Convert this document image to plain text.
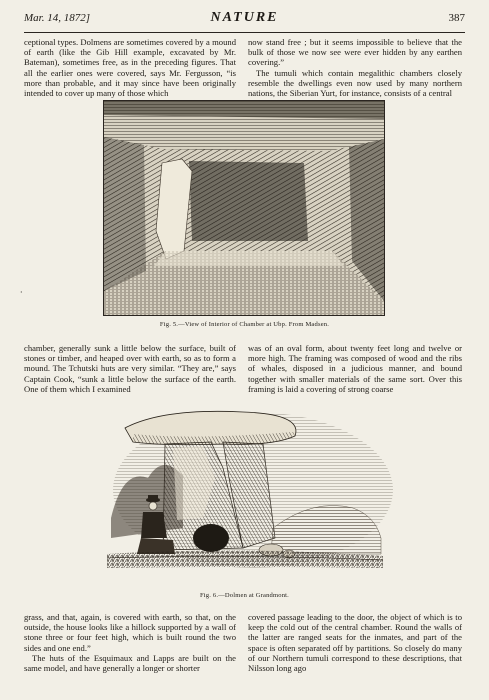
Mar. 14, 1872]	NATURE	387

ceptional types. Dolmens are sometimes covered by a mound of earth (like the Gib Hill example, excavated by Mr. Bateman), sometimes free, as in the preceding figures. That all the earlier ones were covered, says Mr. Fergusson, “is more than probable, and it may since have been originally intended to cover up many of those which

now stand free ; but it seems impossible to believe that the bulk of those we now see were ever hidden by any earthen covering.”

The tumuli which contain megalithic chambers closely resemble the dwellings even now used by many northern nations, the Siberian Yurt, for instance, consists of a central

Fig. 5.—View of Interior of Chamber at Ubp. From Madsen.
·

chamber, generally sunk a little below the surface, built of stones or timber, and heaped over with earth, so as to form a mound. The Tchutski huts are very similar. “They are,” says Captain Cook, “sunk a little below the surface of the earth. One of them which I examined

was of an oval form, about twenty feet long and twelve or more high. The framing was composed of wood and the ribs of whales, disposed in a judicious manner, and bound together with smaller materials of the same sort. Over this framing is laid a covering of strong coarse

Fig. 6.—Dolmen at Grandmont.

grass, and that, again, is covered with earth, so that, on the outside, the house looks like a hillock supported by a wall of stone three or four feet high, which is built round the two sides and one end.”

The huts of the Esquimaux and Lapps are built on the same model, and have generally a longer or shorter

covered passage leading to the door, the object of which is to keep the cold out of the central chamber. Round the walls of the latter are ranged seats for the inmates, and part of the space is often separated off by partitions. So closely do many of our Northern tumuli correspond to these descriptions, that Nilsson long ago
